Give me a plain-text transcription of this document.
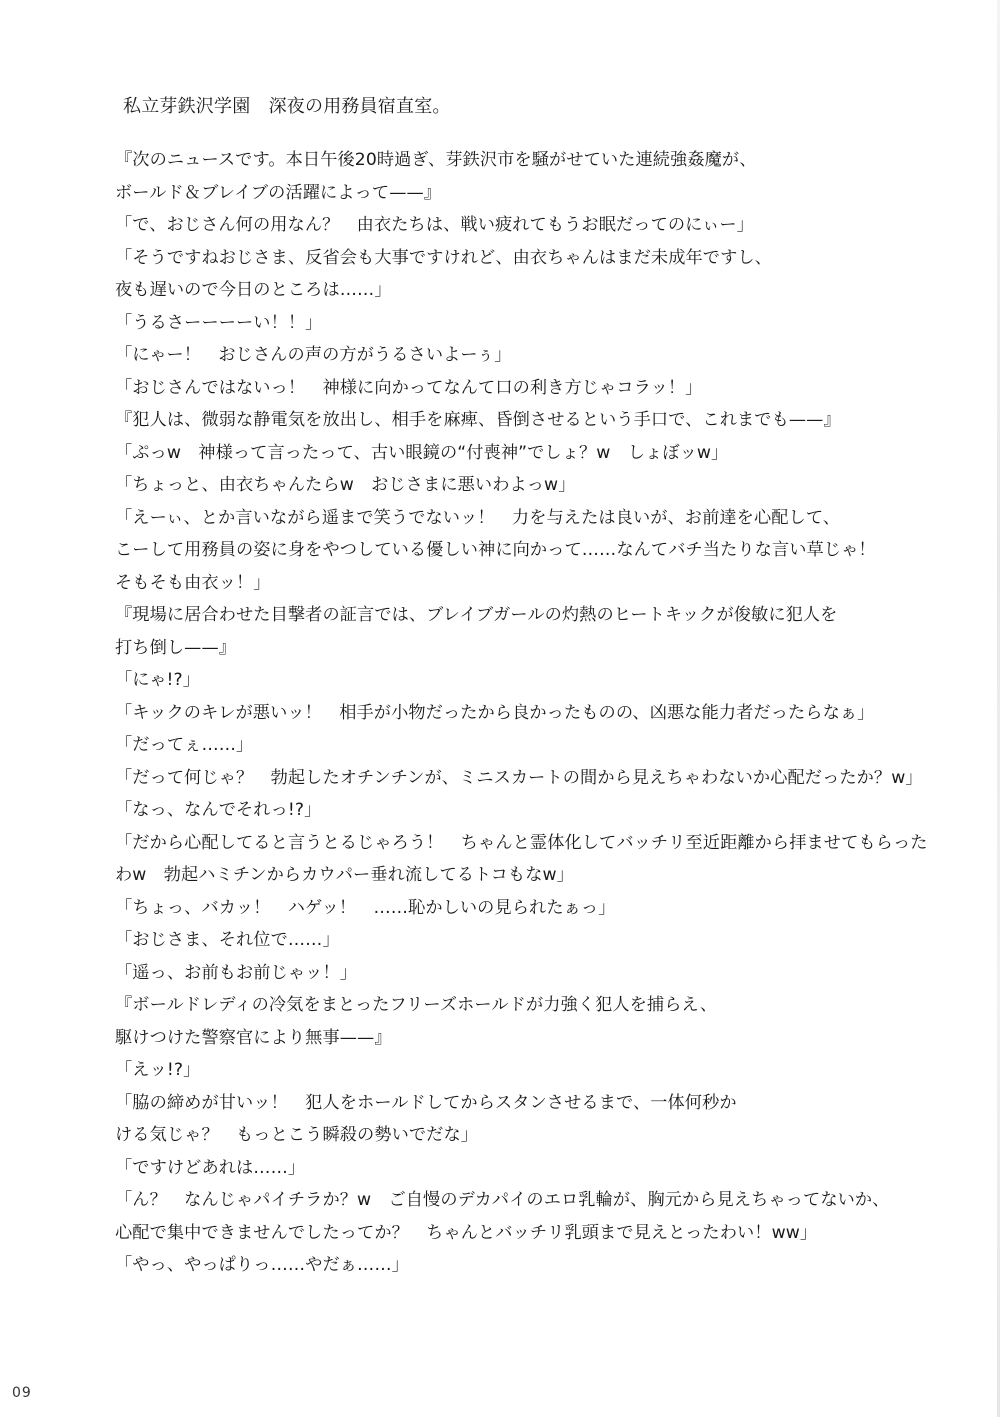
私立芽鉄沢学園　深夜の用務員宿直室。
『次のニュースです。本日午後20時過ぎ、芽鉄沢市を騒がせていた連続強姦魔が、
ボールド＆ブレイブの活躍によって——』
「で、おじさん何の用なん？　由衣たちは、戦い疲れてもうお眠だってのにぃー」
「そうですねおじさま、反省会も大事ですけれど、由衣ちゃんはまだ未成年ですし、
夜も遅いので今日のところは……」
「うるさーーーーい！！」
「にゃー！　おじさんの声の方がうるさいよーぅ」
「おじさんではないっ！　神様に向かってなんて口の利き方じゃコラッ！」
『犯人は、微弱な静電気を放出し、相手を麻痺、昏倒させるという手口で、これまでも——』
「ぷっw　神様って言ったって、古い眼鏡の“付喪神”でしょ？w　しょぼッw」
「ちょっと、由衣ちゃんたらw　おじさまに悪いわよっw」
「えーぃ、とか言いながら遥まで笑うでないッ！　力を与えたは良いが、お前達を心配して、
こーして用務員の姿に身をやつしている優しい神に向かって……なんてバチ当たりな言い草じゃ！
そもそも由衣ッ！」
『現場に居合わせた目撃者の証言では、ブレイブガールの灼熱のヒートキックが俊敏に犯人を
打ち倒し——』
「にゃ!?」
「キックのキレが悪いッ！　相手が小物だったから良かったものの、凶悪な能力者だったらなぁ」
「だってぇ……」
「だって何じゃ？　勃起したオチンチンが、ミニスカートの間から見えちゃわないか心配だったか？w」
「なっ、なんでそれっ!?」
「だから心配してると言うとるじゃろう！　ちゃんと霊体化してバッチリ至近距離から拝ませてもらった
わw　勃起ハミチンからカウパー垂れ流してるトコもなw」
「ちょっ、バカッ！　ハゲッ！　……恥かしいの見られたぁっ」
「おじさま、それ位で……」
「遥っ、お前もお前じゃッ！」
『ボールドレディの冷気をまとったフリーズホールドが力強く犯人を捕らえ、
駆けつけた警察官により無事——』
「えッ!?」
「脇の締めが甘いッ！　犯人をホールドしてからスタンさせるまで、一体何秒か
ける気じゃ？　もっとこう瞬殺の勢いでだな」
「ですけどあれは……」
「ん？　なんじゃパイチラか？w　ご自慢のデカパイのエロ乳輪が、胸元から見えちゃってないか、
心配で集中できませんでしたってか？　ちゃんとバッチリ乳頭まで見えとったわい！ww」
「やっ、やっぱりっ……やだぁ……」
09
